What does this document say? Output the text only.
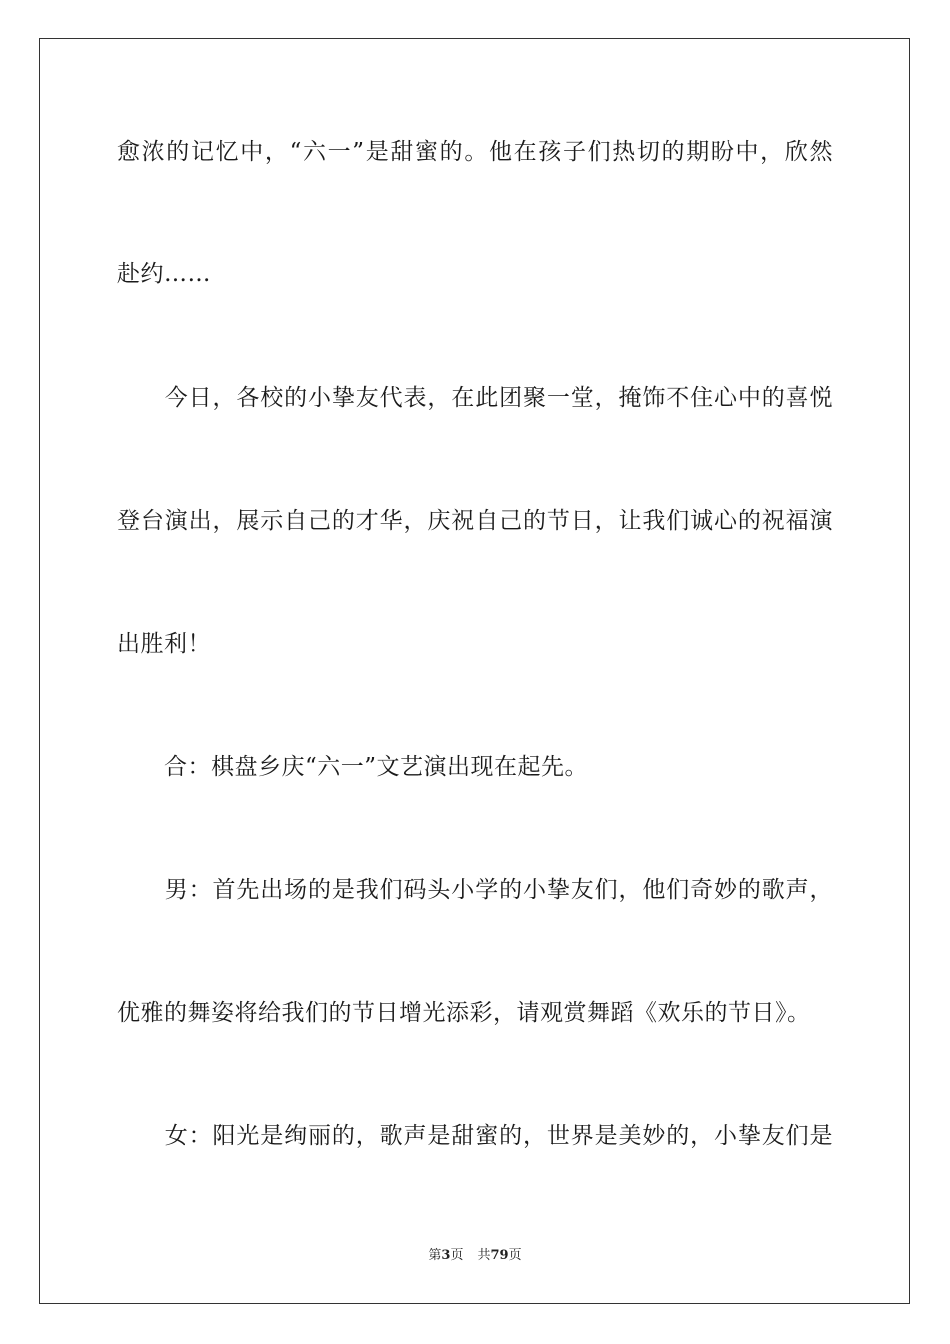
愈浓的记忆中，“六一”是甜蜜的。他在孩子们热切的期盼中，欣然
赴约……
　　今日，各校的小挚友代表，在此团聚一堂，掩饰不住心中的喜悦
登台演出，展示自己的才华，庆祝自己的节日，让我们诚心的祝福演
出胜利！
　　合：棋盘乡庆“六一”文艺演出现在起先。
　　男：首先出场的是我们码头小学的小挚友们，他们奇妙的歌声，
优雅的舞姿将给我们的节日增光添彩，请观赏舞蹈《欢乐的节日》。
　　女：阳光是绚丽的，歌声是甜蜜的，世界是美妙的，小挚友们是
第3页 共79页
